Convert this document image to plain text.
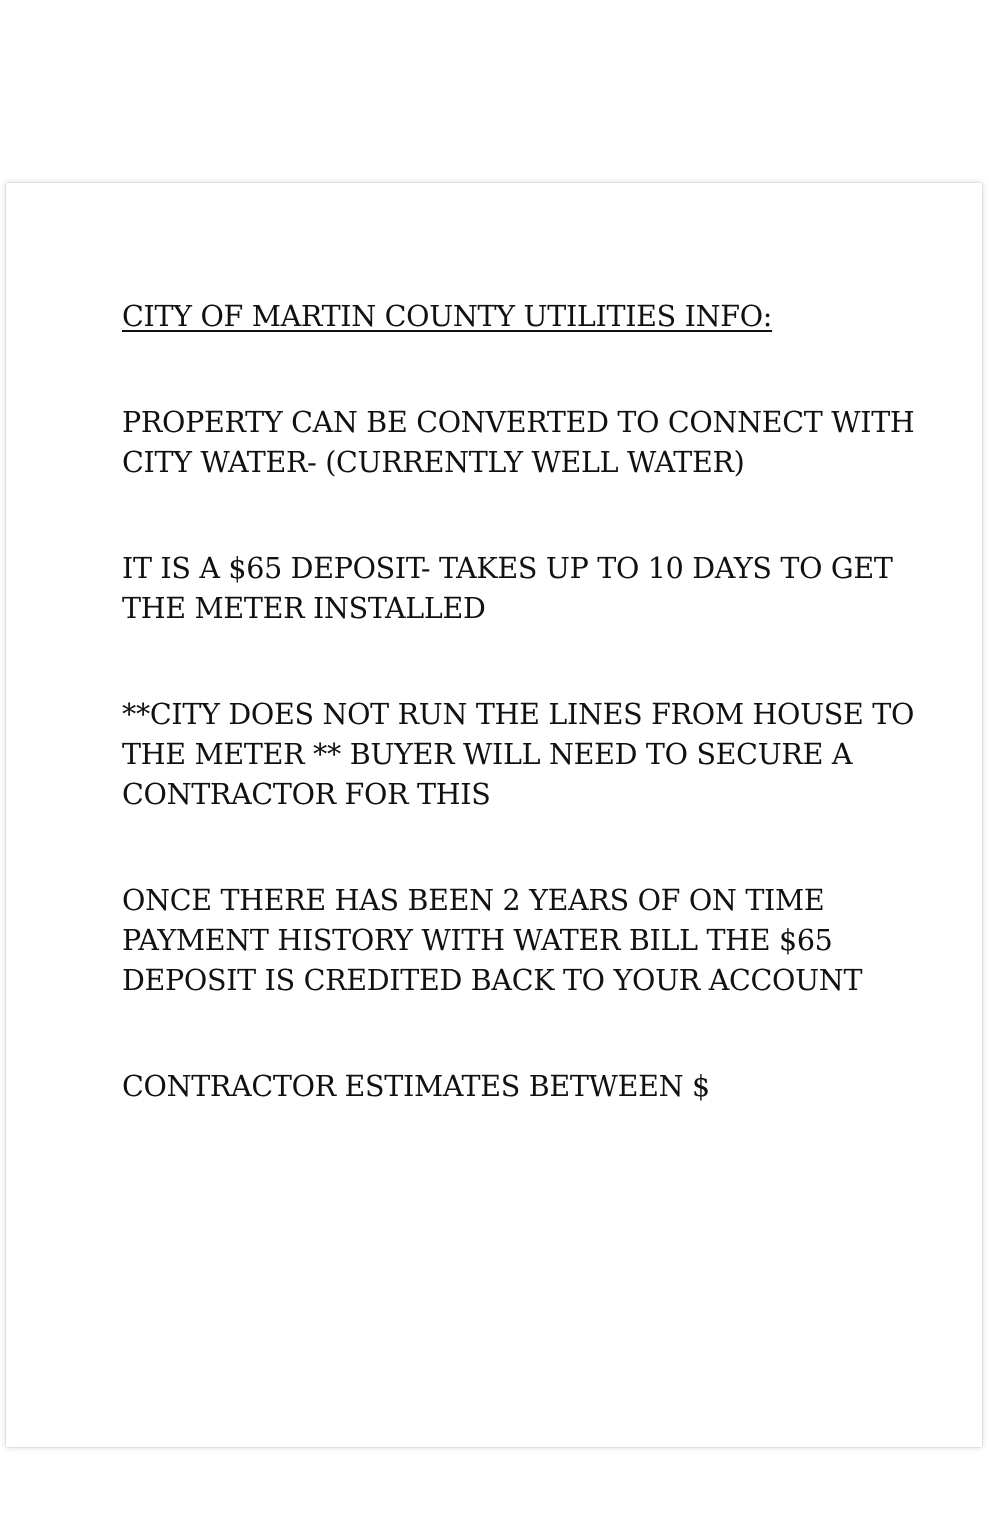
CITY OF MARTIN COUNTY UTILITIES INFO:

PROPERTY CAN BE CONVERTED TO CONNECT WITH
CITY WATER- (CURRENTLY WELL WATER)

IT IS A $65 DEPOSIT- TAKES UP TO 10 DAYS TO GET
THE METER INSTALLED

**CITY DOES NOT RUN THE LINES FROM HOUSE TO
THE METER ** BUYER WILL NEED TO SECURE A
CONTRACTOR FOR THIS

ONCE THERE HAS BEEN 2 YEARS OF ON TIME
PAYMENT HISTORY WITH WATER BILL THE $65
DEPOSIT IS CREDITED BACK TO YOUR ACCOUNT

CONTRACTOR ESTIMATES BETWEEN $
